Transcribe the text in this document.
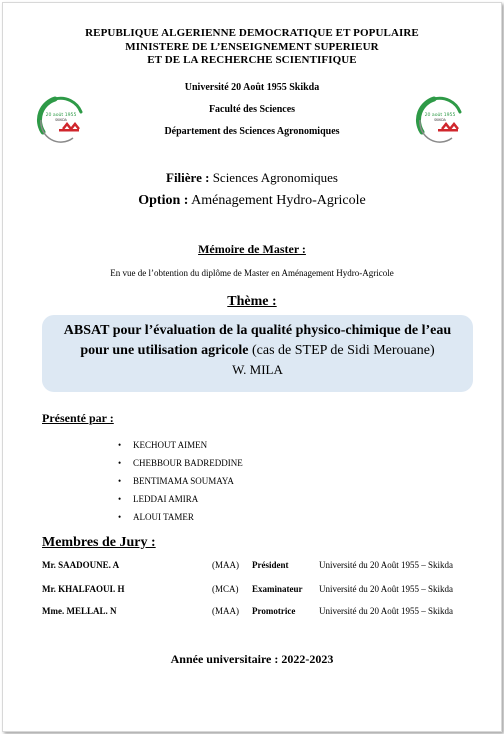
REPUBLIQUE ALGERIENNE DEMOCRATIQUE ET POPULAIRE
MINISTERE DE L’ENSEIGNEMENT SUPERIEUR
ET DE LA RECHERCHE SCIENTIFIQUE
Université 20 Août 1955 Skikda
Faculté des Sciences
Département des Sciences Agronomiques
20 août 1955
SKIKDA
20 août 1955
SKIKDA
Filière : Sciences Agronomiques
Option : Aménagement Hydro-Agricole
Mémoire de Master :
En vue de l’obtention du diplôme de Master en Aménagement Hydro-Agricole
Thème :
ABSAT pour l’évaluation de la qualité physico-chimique de l’eau
pour une utilisation agricole (cas de STEP de Sidi Merouane)
W. MILA
Présenté par :
• KECHOUT AIMEN
• CHEBBOUR BADREDDINE
• BENTIMAMA SOUMAYA
• LEDDAI AMIRA
• ALOUI TAMER
Membres de Jury :
Mr. SAADOUNE. A	(MAA) Président	Université du 20 Août 1955 – Skikda
Mr. KHALFAOUI. H	(MCA) Examinateur Université du 20 Août 1955 – Skikda
Mme. MELLAL. N	(MAA) Promotrice	Université du 20 Août 1955 – Skikda
Année universitaire : 2022-2023
